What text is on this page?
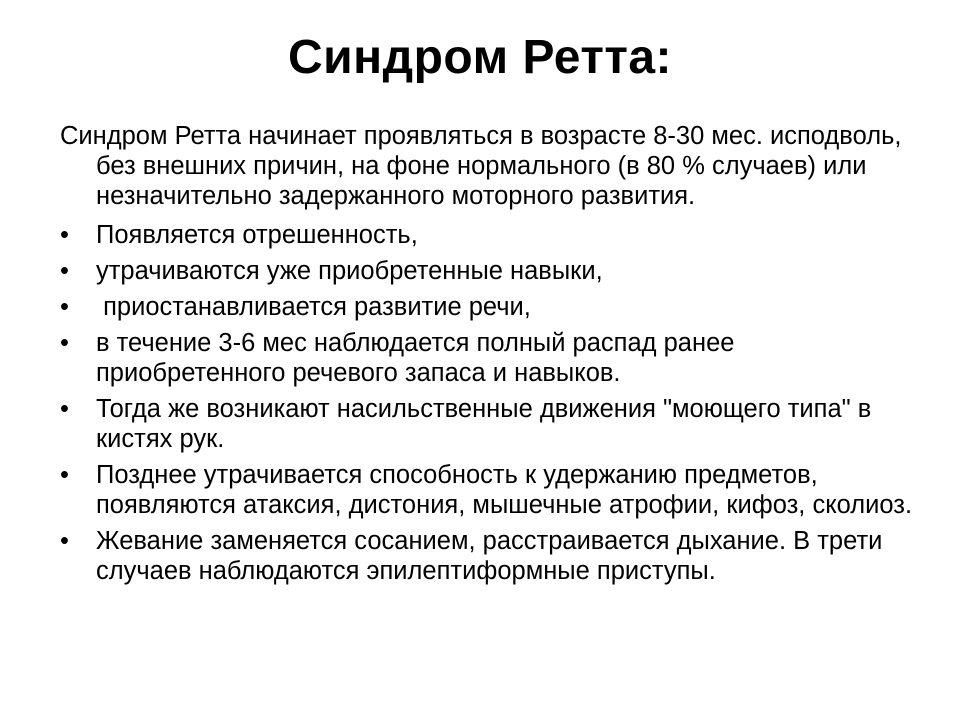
Синдром Ретта:

Синдром Ретта начинает проявляться в возрасте 8-30 мес. исподволь, без внешних причин, на фоне нормального (в 80 % случаев) или незначительно задержанного моторного развития.

•	Появляется отрешенность,
•	утрачиваются уже приобретенные навыки,
•	приостанавливается развитие речи,
•	в течение 3-6 мес наблюдается полный распад ранее приобретенного речевого запаса и навыков.
•	Тогда же возникают насильственные движения "моющего типа" в кистях рук.
•	Позднее утрачивается способность к удержанию предметов, появляются атаксия, дистония, мышечные атрофии, кифоз, сколиоз.
•	Жевание заменяется сосанием, расстраивается дыхание. В трети случаев наблюдаются эпилептиформные приступы.
